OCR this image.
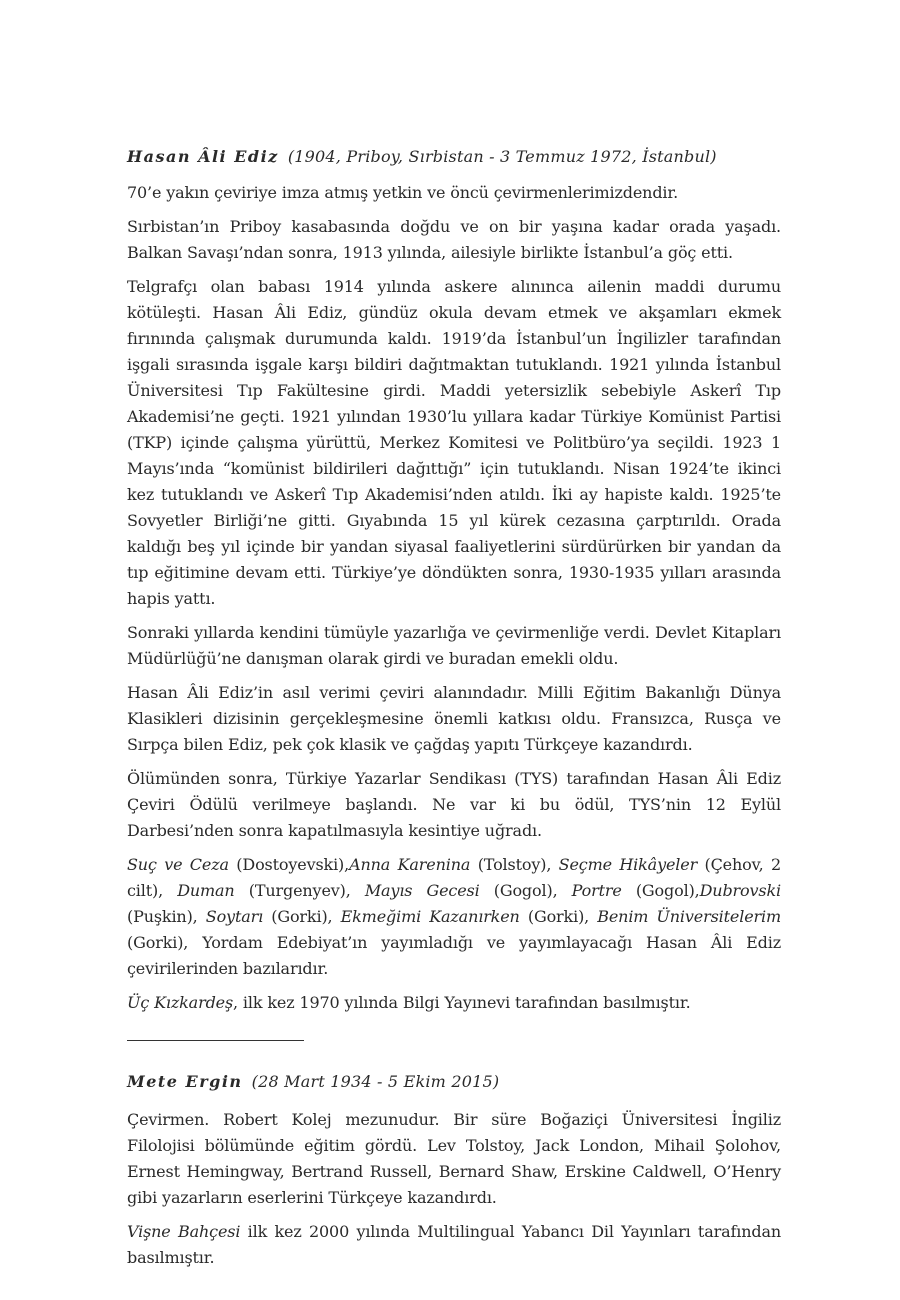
Hasan Âli Ediz (1904, Priboy, Sırbistan - 3 Temmuz 1972, İstanbul)

70’e yakın çeviriye imza atmış yetkin ve öncü çevirmenlerimizdendir.

Sırbistan’ın Priboy kasabasında doğdu ve on bir yaşına kadar orada yaşadı. Balkan Savaşı’ndan sonra, 1913 yılında, ailesiyle birlikte İstanbul’a göç etti.

Telgrafçı olan babası 1914 yılında askere alınınca ailenin maddi durumu kötüleşti. Hasan Âli Ediz, gündüz okula devam etmek ve akşamları ekmek fırınında çalışmak durumunda kaldı. 1919’da İstanbul’un İngilizler tarafından işgali sırasında işgale karşı bildiri dağıtmaktan tutuklandı. 1921 yılında İstanbul Üniversitesi Tıp Fakültesine girdi. Maddi yetersizlik sebebiyle Askerî Tıp Akademisi’ne geçti. 1921 yılından 1930’lu yıllara kadar Türkiye Komünist Partisi (TKP) içinde çalışma yürüttü, Merkez Komitesi ve Politbüro’ya seçildi. 1923 1 Mayıs’ında “komünist bildirileri dağıttığı” için tutuklandı. Nisan 1924’te ikinci kez tutuklandı ve Askerî Tıp Akademisi’nden atıldı. İki ay hapiste kaldı. 1925’te Sovyetler Birliği’ne gitti. Gıyabında 15 yıl kürek cezasına çarptırıldı. Orada kaldığı beş yıl içinde bir yandan siyasal faaliyetlerini sürdürürken bir yandan da tıp eğitimine devam etti. Türkiye’ye döndükten sonra, 1930-1935 yılları arasında hapis yattı.

Sonraki yıllarda kendini tümüyle yazarlığa ve çevirmenliğe verdi. Devlet Kitapları Müdürlüğü’ne danışman olarak girdi ve buradan emekli oldu.

Hasan Âli Ediz’in asıl verimi çeviri alanındadır. Milli Eğitim Bakanlığı Dünya Klasikleri dizisinin gerçekleşmesine önemli katkısı oldu. Fransızca, Rusça ve Sırpça bilen Ediz, pek çok klasik ve çağdaş yapıtı Türkçeye kazandırdı.

Ölümünden sonra, Türkiye Yazarlar Sendikası (TYS) tarafından Hasan Âli Ediz Çeviri Ödülü verilmeye başlandı. Ne var ki bu ödül, TYS’nin 12 Eylül Darbesi’nden sonra kapatılmasıyla kesintiye uğradı.

Suç ve Ceza (Dostoyevski),Anna Karenina (Tolstoy), Seçme Hikâyeler (Çehov, 2 cilt), Duman (Turgenyev), Mayıs Gecesi (Gogol), Portre (Gogol),Dubrovski (Puşkin), Soytarı (Gorki), Ekmeğimi Kazanırken (Gorki), Benim Üniversitelerim (Gorki), Yordam Edebiyat’ın yayımladığı ve yayımlayacağı Hasan Âli Ediz çevirilerinden bazılarıdır.

Üç Kızkardeş, ilk kez 1970 yılında Bilgi Yayınevi tarafından basılmıştır.

Mete Ergin (28 Mart 1934 - 5 Ekim 2015)

Çevirmen. Robert Kolej mezunudur. Bir süre Boğaziçi Üniversitesi İngiliz Filolojisi bölümünde eğitim gördü. Lev Tolstoy, Jack London, Mihail Şolohov, Ernest Hemingway, Bertrand Russell, Bernard Shaw, Erskine Caldwell, O’Henry gibi yazarların eserlerini Türkçeye kazandırdı.

Vişne Bahçesi ilk kez 2000 yılında Multilingual Yabancı Dil Yayınları tarafından basılmıştır.
